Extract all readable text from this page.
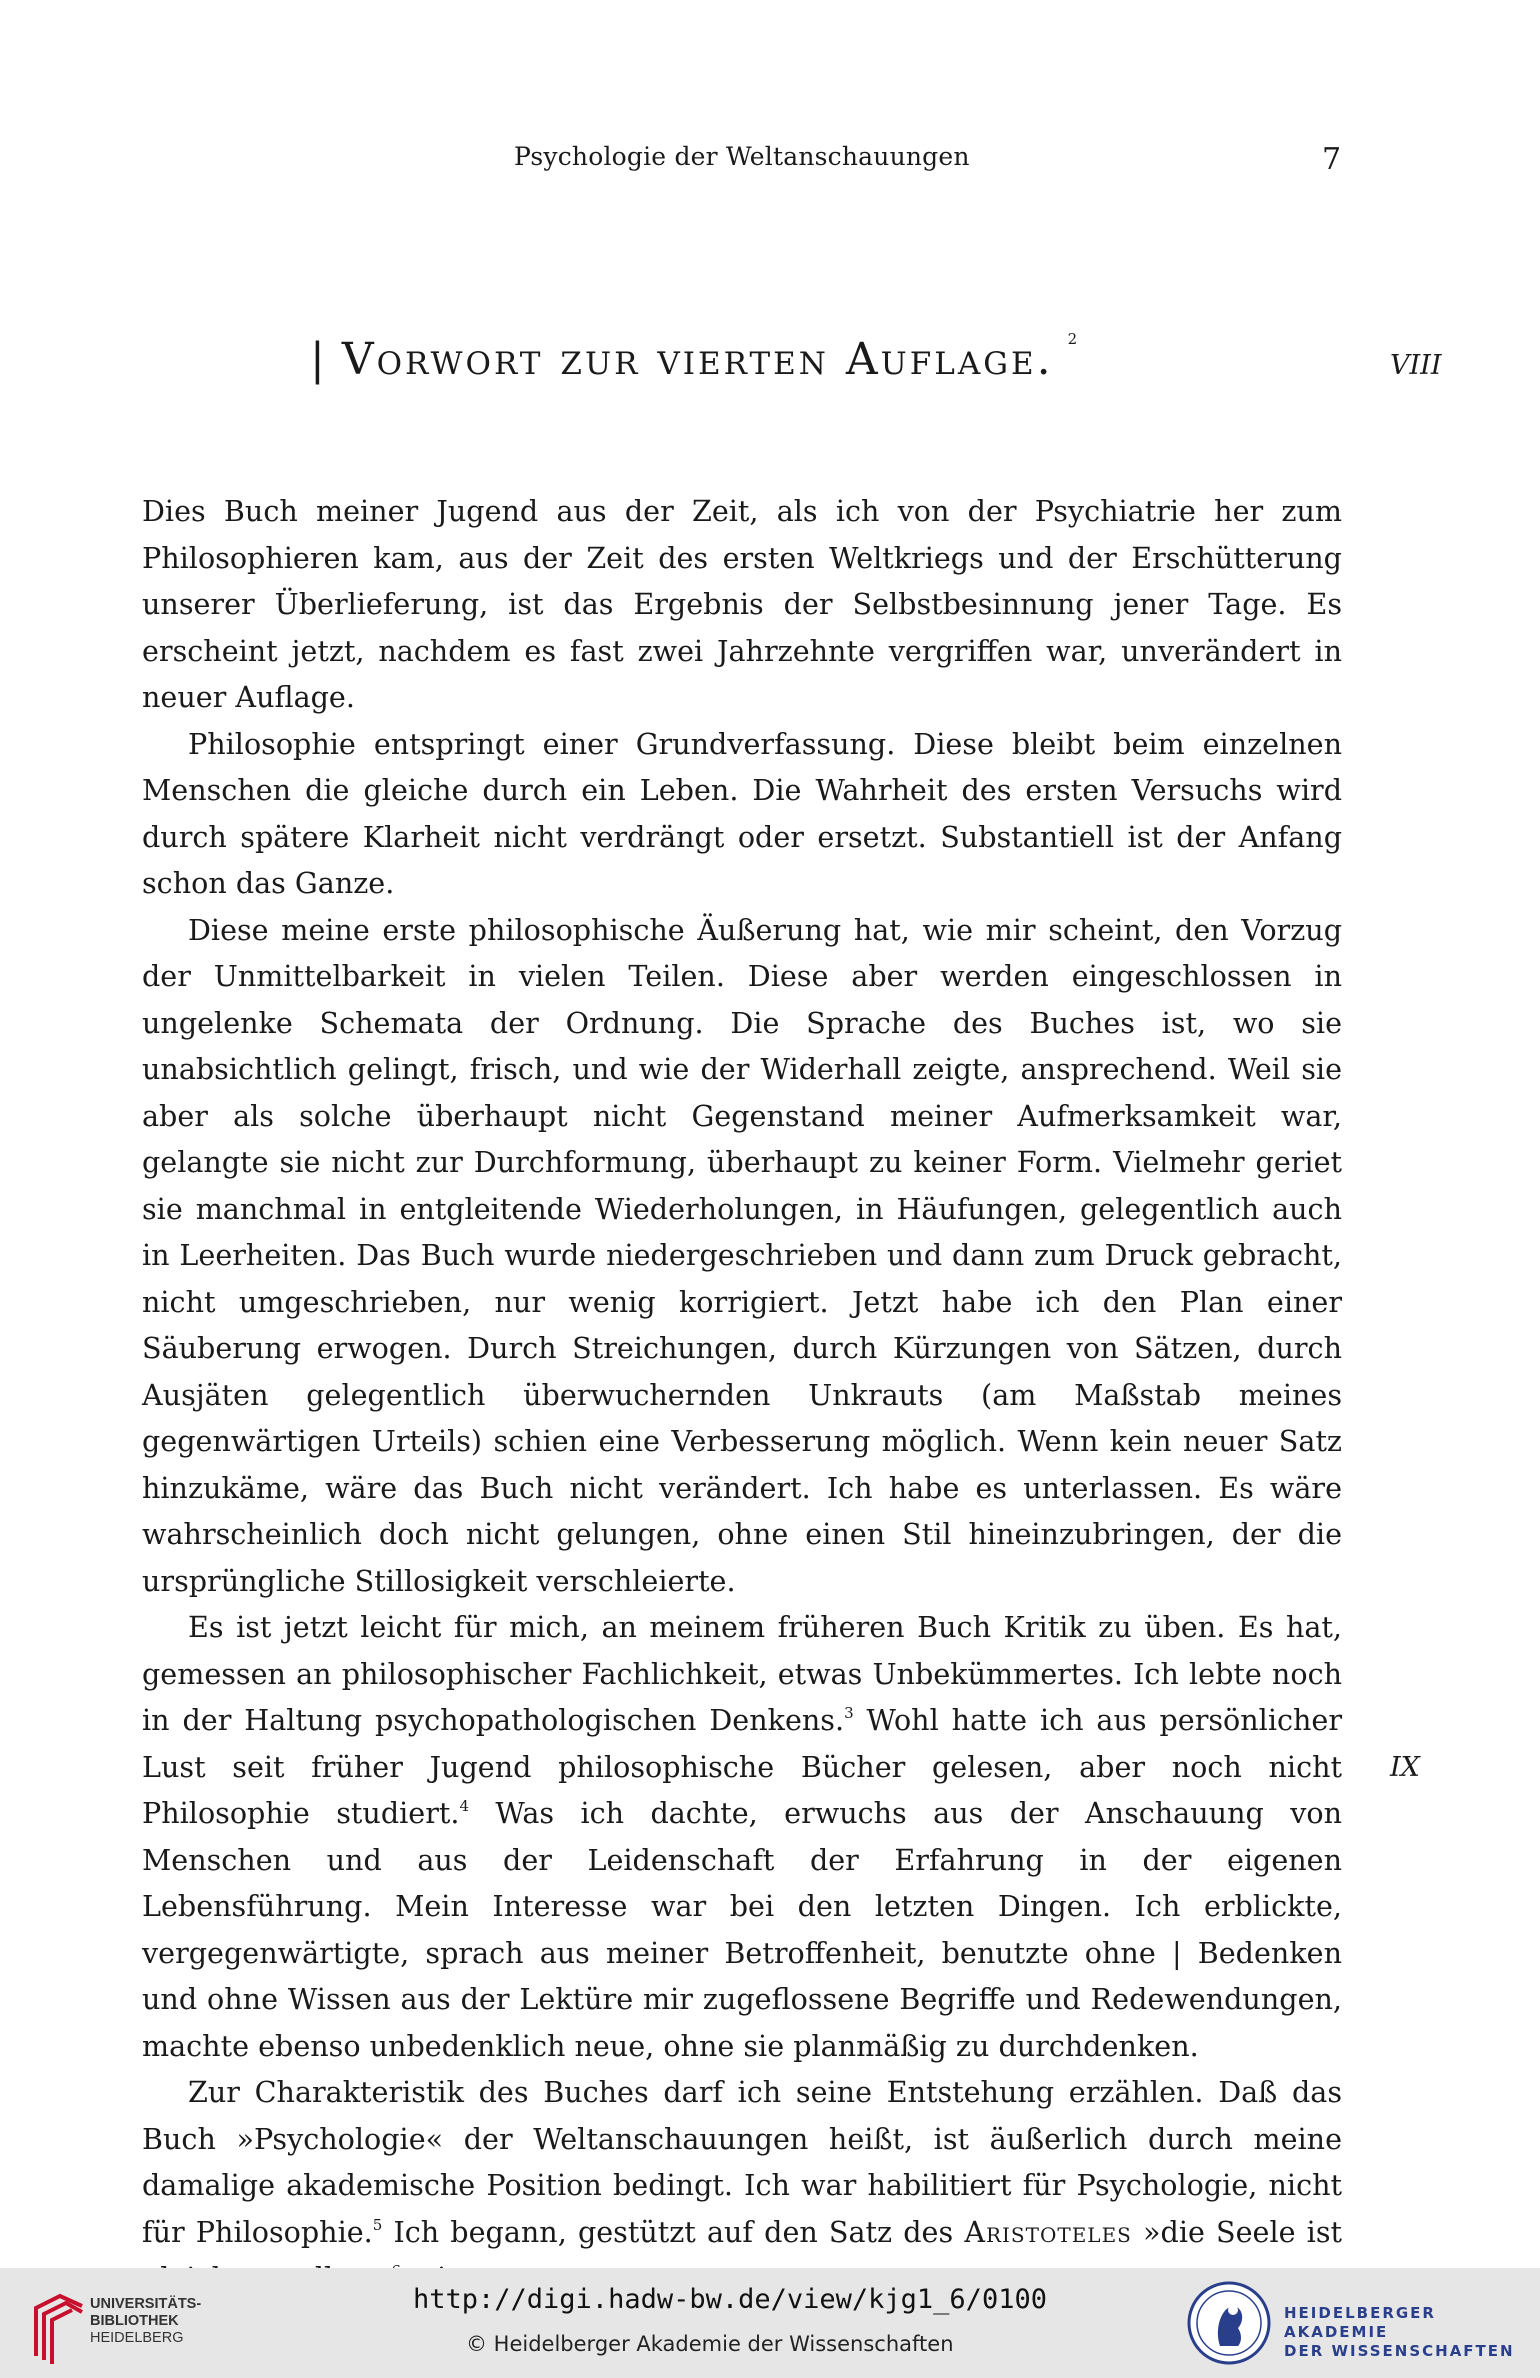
Psychologie der Weltanschauungen	7
| Vorwort zur vierten Auflage. $^2$
VIII
IX

Dies Buch meiner Jugend aus der Zeit, als ich von der Psychiatrie her zum Philosophieren kam, aus der Zeit des ersten Weltkriegs und der Erschütterung unserer Überlieferung, ist das Ergebnis der Selbstbesinnung jener Tage. Es erscheint jetzt, nachdem es fast zwei Jahrzehnte vergriffen war, unverändert in neuer Auflage.

Philosophie entspringt einer Grundverfassung. Diese bleibt beim einzelnen Menschen die gleiche durch ein Leben. Die Wahrheit des ersten Versuchs wird durch spätere Klarheit nicht verdrängt oder ersetzt. Substantiell ist der Anfang schon das Ganze.

Diese meine erste philosophische Äußerung hat, wie mir scheint, den Vorzug der Unmittelbarkeit in vielen Teilen. Diese aber werden eingeschlossen in ungelenke Schemata der Ordnung. Die Sprache des Buches ist, wo sie unabsichtlich gelingt, frisch, und wie der Widerhall zeigte, ansprechend. Weil sie aber als solche überhaupt nicht Gegenstand meiner Aufmerksamkeit war, gelangte sie nicht zur Durchformung, überhaupt zu keiner Form. Vielmehr geriet sie manchmal in entgleitende Wiederholungen, in Häufungen, gelegentlich auch in Leerheiten. Das Buch wurde niedergeschrieben und dann zum Druck gebracht, nicht umgeschrieben, nur wenig korrigiert. Jetzt habe ich den Plan einer Säuberung erwogen. Durch Streichungen, durch Kürzungen von Sätzen, durch Ausjäten gelegentlich überwuchernden Unkrauts (am Maßstab meines gegenwärtigen Urteils) schien eine Verbesserung möglich. Wenn kein neuer Satz hinzukäme, wäre das Buch nicht verändert. Ich habe es unterlassen. Es wäre wahrscheinlich doch nicht gelungen, ohne einen Stil hineinzubringen, der die ursprüngliche Stillosigkeit verschleierte.

Es ist jetzt leicht für mich, an meinem früheren Buch Kritik zu üben. Es hat, gemessen an philosophischer Fachlichkeit, etwas Unbekümmertes. Ich lebte noch in der Haltung psychopathologischen Denkens.$^3$ Wohl hatte ich aus persönlicher Lust seit früher Jugend philosophische Bücher gelesen, aber noch nicht Philosophie studiert.$^4$ Was ich dachte, erwuchs aus der Anschauung von Menschen und aus der Leidenschaft der Erfahrung in der eigenen Lebensführung. Mein Interesse war bei den letzten Dingen. Ich erblickte, vergegenwärtigte, sprach aus meiner Betroffenheit, benutzte ohne | Bedenken und ohne Wissen aus der Lektüre mir zugeflossene Begriffe und Redewendungen, machte ebenso unbedenklich neue, ohne sie planmäßig zu durchdenken.

Zur Charakteristik des Buches darf ich seine Entstehung erzählen. Daß das Buch »Psychologie« der Weltanschauungen heißt, ist äußerlich durch meine damalige akademische Position bedingt. Ich war habilitiert für Psychologie, nicht für Philosophie.$^5$ Ich begann, gestützt auf den Satz des Aristoteles »die Seele ist

UNIVERSITÄTS-
BIBLIOTHEK
HEIDELBERG
http://digi.hadw-bw.de/view/kjg1_6/0100
© Heidelberger Akademie der Wissenschaften
HEIDELBERGER AKADEMIE
DER WISSENSCHAFTEN
